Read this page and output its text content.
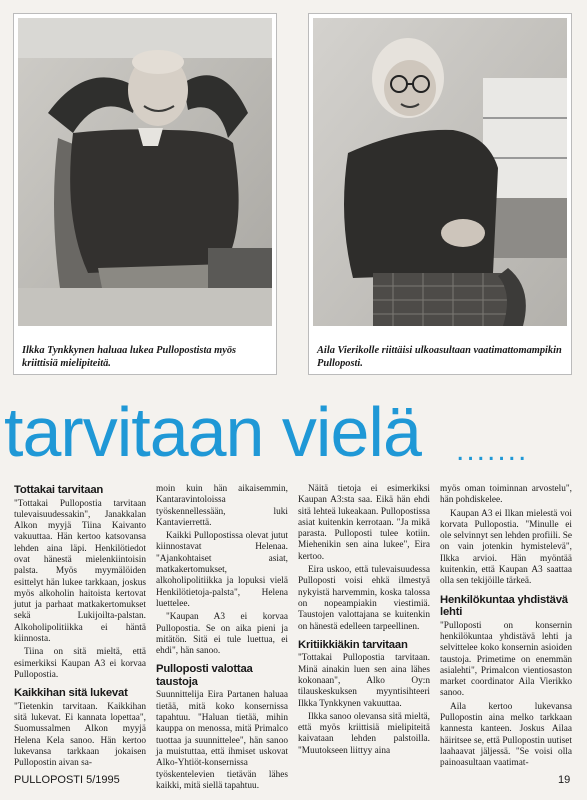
Ilkka Tynkkynen haluaa lukea Pullopostista myös kriittisiä mielipiteitä.
Aila Vierikolle riittäisi ulkoasultaan vaatimattomampikin Pulloposti.
tarvitaan vielä .......
Tottakai tarvitaan

"Tottakai Pullopostia tarvitaan tulevaisuudessakin", Janakkalan Alkon myyjä Tiina Kaivanto vakuuttaa. Hän kertoo katsovansa lehden aina läpi. Henkilötiedot ovat hänestä mielenkiintoisin palsta. Myös myymälöiden esittelyt hän lukee tarkkaan, joskus myös alkoholin haitoista kertovat jutut ja parhaat matkakertomukset sekä Lukijoilta-palstan. Alkoholipolitiikka ei häntä kiinnosta.

Tiina on sitä mieltä, että esimerkiksi Kaupan A3 ei korvaa Pullopostia.

Kaikkihan sitä lukevat

"Tietenkin tarvitaan. Kaikkihan sitä lukevat. Ei kannata lopettaa", Suomussalmen Alkon myyjä Helena Kela sanoo. Hän kertoo lukevansa tarkkaan jokaisen Pullopostin aivan sa-

moin kuin hän aikaisemmin, Kantaravintoloissa työskennellessään, luki Kantavierrettä.

Kaikki Pullopostissa olevat jutut kiinnostavat Helenaa. "Ajankohtaiset asiat, matkakertomukset, alkoholipolitiikka ja lopuksi vielä Henkilötietoja-palsta", Helena luettelee.

"Kaupan A3 ei korvaa Pullopostia. Se on aika pieni ja mitätön. Sitä ei tule luettua, ei ehdi", hän sanoo.

Pulloposti valottaa taustoja

Suunnittelija Eira Partanen haluaa tietää, mitä koko konsernissa tapahtuu. "Haluan tietää, mihin kauppa on menossa, mitä Primalco tuottaa ja suunnittelee", hän sanoo ja muistuttaa, että ihmiset uskovat Alko-Yhtiöt-konsernissa työskentelevien tietävän lähes kaikki, mitä siellä tapahtuu.

Näitä tietoja ei esimerkiksi Kaupan A3:sta saa. Eikä hän ehdi sitä lehteä lukeakaan. Pullopostissa asiat kuitenkin kerrotaan. "Ja mikä parasta. Pulloposti tulee kotiin. Miehenikin sen aina lukee", Eira kertoo.

Eira uskoo, että tulevaisuudessa Pulloposti voisi ehkä ilmestyä nykyistä harvemmin, koska talossa on nopeampiakin viestimiä. Taustojen valottajana se kuitenkin on hänestä edelleen tarpeellinen.

Kritiikkiäkin tarvitaan

"Tottakai Pullopostia tarvitaan. Minä ainakin luen sen aina lähes kokonaan", Alko Oy:n tilauskeskuksen myyntisihteeri Ilkka Tynkkynen vakuuttaa.

Ilkka sanoo olevansa sitä mieltä, että myös kriittisiä mielipiteitä kaivataan lehden palstoilla. "Muutokseen liittyy aina

myös oman toiminnan arvostelu", hän pohdiskelee.

Kaupan A3 ei Ilkan mielestä voi korvata Pullopostia. "Minulle ei ole selvinnyt sen lehden profiili. Se on vain jotenkin hymistelevä", Ilkka arvioi. Hän myöntää kuitenkin, että Kaupan A3 saattaa olla sen tekijöille tärkeä.

Henkilökuntaa yhdistävä lehti

"Pulloposti on konsernin henkilökuntaa yhdistävä lehti ja selvittelee koko konsernin asioiden taustoja. Primetime on enemmän asialehti", Primalcon vientiosaston market coordinator Aila Vierikko sanoo.

Aila kertoo lukevansa Pullopostin aina melko tarkkaan kannesta kanteen. Joskus Ailaa häiritsee se, että Pullopostin uutiset laahaavat jäljessä. "Se voisi olla painoasultaan vaatimat-

PULLOPOSTI 5/1995	19
